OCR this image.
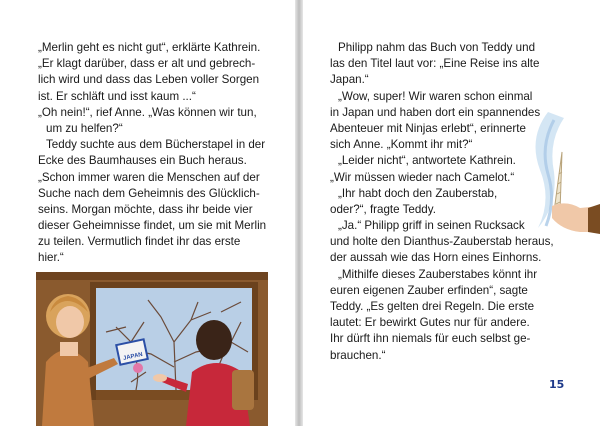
„Merlin geht es nicht gut“, erklärte Kathrein.
„Er klagt darüber, dass er alt und gebrech-
lich wird und dass das Leben voller Sorgen
ist. Er schläft und isst kaum ...“
„Oh nein!“, rief Anne. „Was können wir tun,
um zu helfen?“
Teddy suchte aus dem Bücherstapel in der
Ecke des Baumhauses ein Buch heraus.
„Schon immer waren die Menschen auf der
Suche nach dem Geheimnis des Glücklich-
seins. Morgan möchte, dass ihr beide vier
dieser Geheimnisse findet, um sie mit Merlin
zu teilen. Vermutlich findet ihr das erste
hier.“
JAPAN
Philipp nahm das Buch von Teddy und
las den Titel laut vor: „Eine Reise ins alte
Japan.“
„Wow, super! Wir waren schon einmal
in Japan und haben dort ein spannendes
Abenteuer mit Ninjas erlebt“, erinnerte
sich Anne. „Kommt ihr mit?“
„Leider nicht“, antwortete Kathrein.
„Wir müssen wieder nach Camelot.“
„Ihr habt doch den Zauberstab,
oder?“, fragte Teddy.
„Ja.“ Philipp griff in seinen Rucksack
und holte den Dianthus-Zauberstab heraus,
der aussah wie das Horn eines Einhorns.
„Mithilfe dieses Zauberstabes könnt ihr
euren eigenen Zauber erfinden“, sagte
Teddy. „Es gelten drei Regeln. Die erste
lautet: Er bewirkt Gutes nur für andere.
Ihr dürft ihn niemals für euch selbst ge-
brauchen.“
15
